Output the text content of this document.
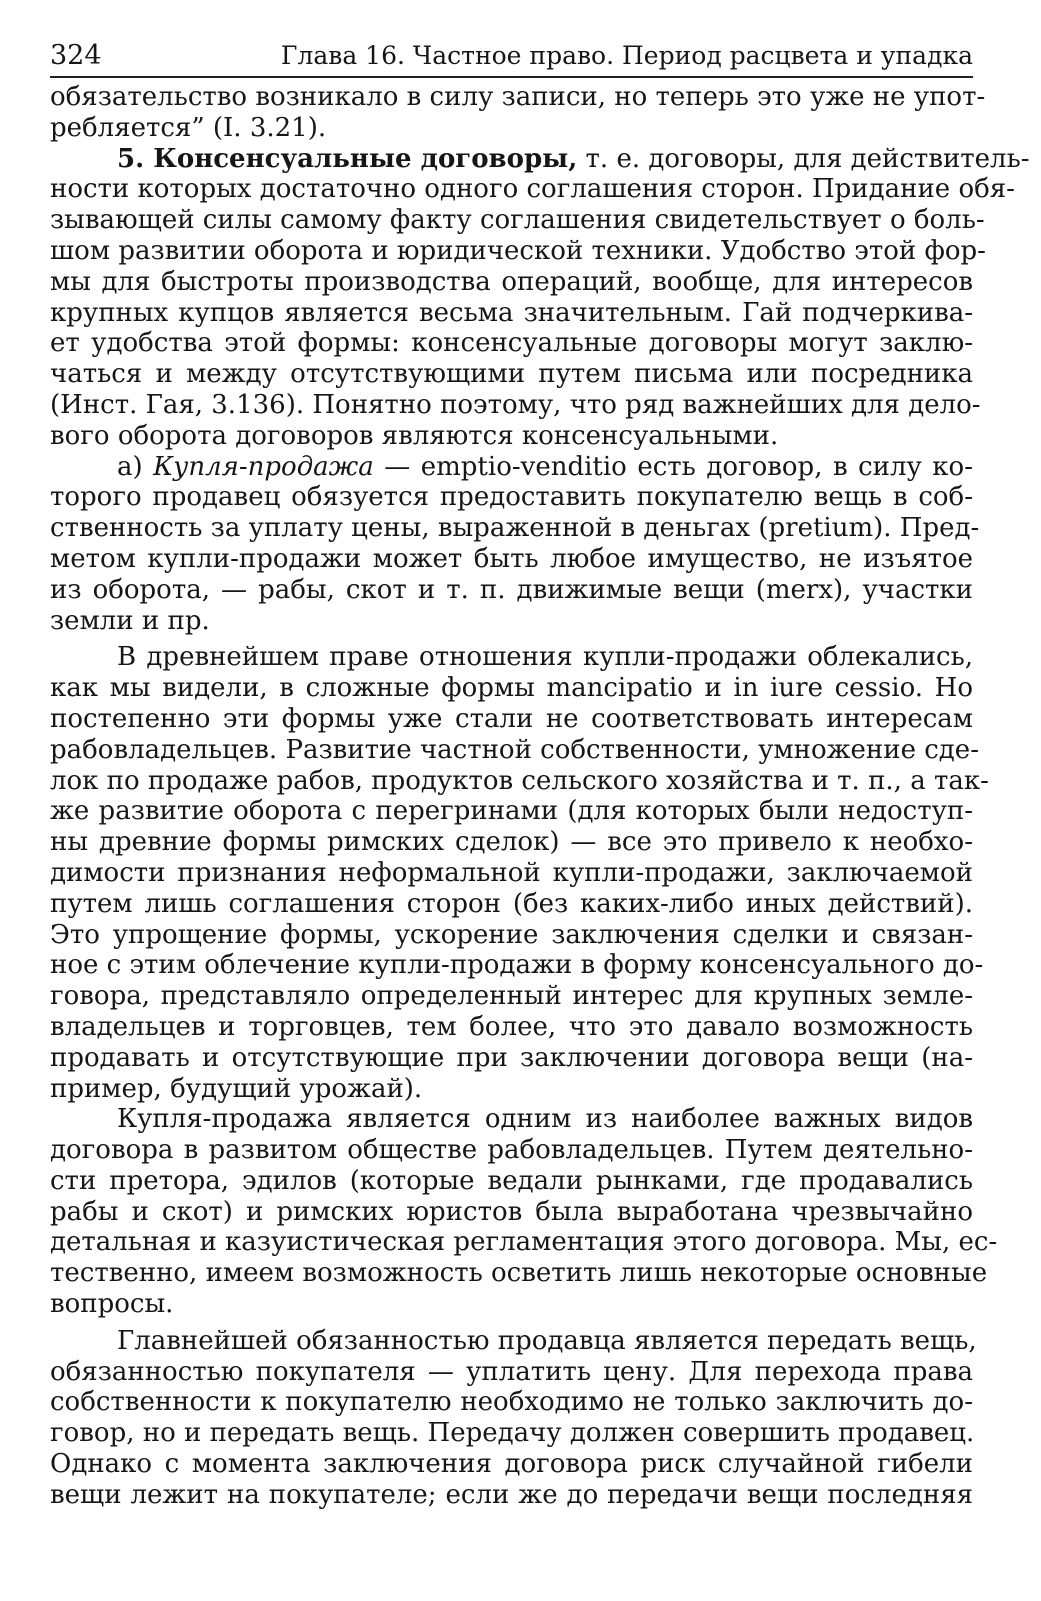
324	Глава 16. Частное право. Период расцвета и упадка
обязательство возникало в силу записи, но теперь это уже не упот-
ребляется” (I. 3.21).
5. Консенсуальные договоры, т. е. договоры, для действитель-
ности которых достаточно одного соглашения сторон. Придание обя-
зывающей силы самому факту соглашения свидетельствует о боль-
шом развитии оборота и юридической техники. Удобство этой фор-
мы для быстроты производства операций, вообще, для интересов
крупных купцов является весьма значительным. Гай подчеркива-
ет удобства этой формы: консенсуальные договоры могут заклю-
чаться и между отсутствующими путем письма или посредника
(Инст. Гая, 3.136). Понятно поэтому, что ряд важнейших для дело-
вого оборота договоров являются консенсуальными.
а) Купля-продажа — emptio-venditio есть договор, в силу ко-
торого продавец обязуется предоставить покупателю вещь в соб-
ственность за уплату цены, выраженной в деньгах (pretium). Пред-
метом купли-продажи может быть любое имущество, не изъятое
из оборота, — рабы, скот и т. п. движимые вещи (merx), участки
земли и пр.
В древнейшем праве отношения купли-продажи облекались,
как мы видели, в сложные формы mancipatio и in iure cessio. Но
постепенно эти формы уже стали не соответствовать интересам
рабовладельцев. Развитие частной собственности, умножение сде-
лок по продаже рабов, продуктов сельского хозяйства и т. п., а так-
же развитие оборота с перегринами (для которых были недоступ-
ны древние формы римских сделок) — все это привело к необхо-
димости признания неформальной купли-продажи, заключаемой
путем лишь соглашения сторон (без каких-либо иных действий).
Это упрощение формы, ускорение заключения сделки и связан-
ное с этим облечение купли-продажи в форму консенсуального до-
говора, представляло определенный интерес для крупных земле-
владельцев и торговцев, тем более, что это давало возможность
продавать и отсутствующие при заключении договора вещи (на-
пример, будущий урожай).
Купля-продажа является одним из наиболее важных видов
договора в развитом обществе рабовладельцев. Путем деятельно-
сти претора, эдилов (которые ведали рынками, где продавались
рабы и скот) и римских юристов была выработана чрезвычайно
детальная и казуистическая регламентация этого договора. Мы, ес-
тественно, имеем возможность осветить лишь некоторые основные
вопросы.
Главнейшей обязанностью продавца является передать вещь,
обязанностью покупателя — уплатить цену. Для перехода права
собственности к покупателю необходимо не только заключить до-
говор, но и передать вещь. Передачу должен совершить продавец.
Однако с момента заключения договора риск случайной гибели
вещи лежит на покупателе; если же до передачи вещи последняя
